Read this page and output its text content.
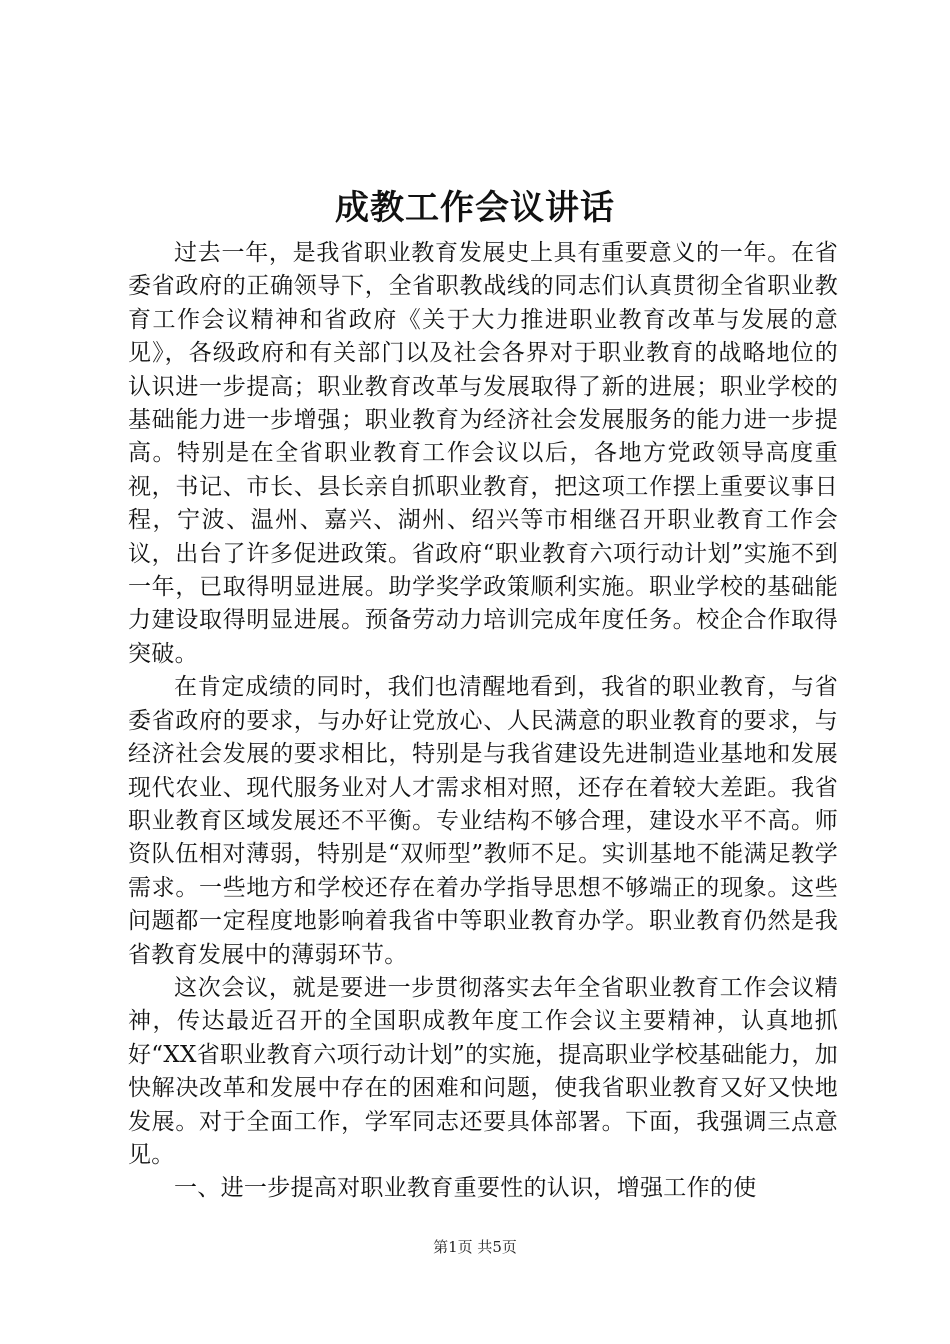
成教工作会议讲话

过去一年，是我省职业教育发展史上具有重要意义的一年。在省委省政府的正确领导下，全省职教战线的同志们认真贯彻全省职业教育工作会议精神和省政府《关于大力推进职业教育改革与发展的意见》，各级政府和有关部门以及社会各界对于职业教育的战略地位的认识进一步提高；职业教育改革与发展取得了新的进展；职业学校的基础能力进一步增强；职业教育为经济社会发展服务的能力进一步提高。特别是在全省职业教育工作会议以后，各地方党政领导高度重视，书记、市长、县长亲自抓职业教育，把这项工作摆上重要议事日程，宁波、温州、嘉兴、湖州、绍兴等市相继召开职业教育工作会议，出台了许多促进政策。省政府“职业教育六项行动计划”实施不到一年，已取得明显进展。助学奖学政策顺利实施。职业学校的基础能力建设取得明显进展。预备劳动力培训完成年度任务。校企合作取得突破。

在肯定成绩的同时，我们也清醒地看到，我省的职业教育，与省委省政府的要求，与办好让党放心、人民满意的职业教育的要求，与经济社会发展的要求相比，特别是与我省建设先进制造业基地和发展现代农业、现代服务业对人才需求相对照，还存在着较大差距。我省职业教育区域发展还不平衡。专业结构不够合理，建设水平不高。师资队伍相对薄弱，特别是“双师型”教师不足。实训基地不能满足教学需求。一些地方和学校还存在着办学指导思想不够端正的现象。这些问题都一定程度地影响着我省中等职业教育办学。职业教育仍然是我省教育发展中的薄弱环节。

这次会议，就是要进一步贯彻落实去年全省职业教育工作会议精神，传达最近召开的全国职成教年度工作会议主要精神，认真地抓好“XX省职业教育六项行动计划”的实施，提高职业学校基础能力，加快解决改革和发展中存在的困难和问题，使我省职业教育又好又快地发展。对于全面工作，学军同志还要具体部署。下面，我强调三点意见。

一、进一步提高对职业教育重要性的认识，增强工作的使

第1页 共5页
